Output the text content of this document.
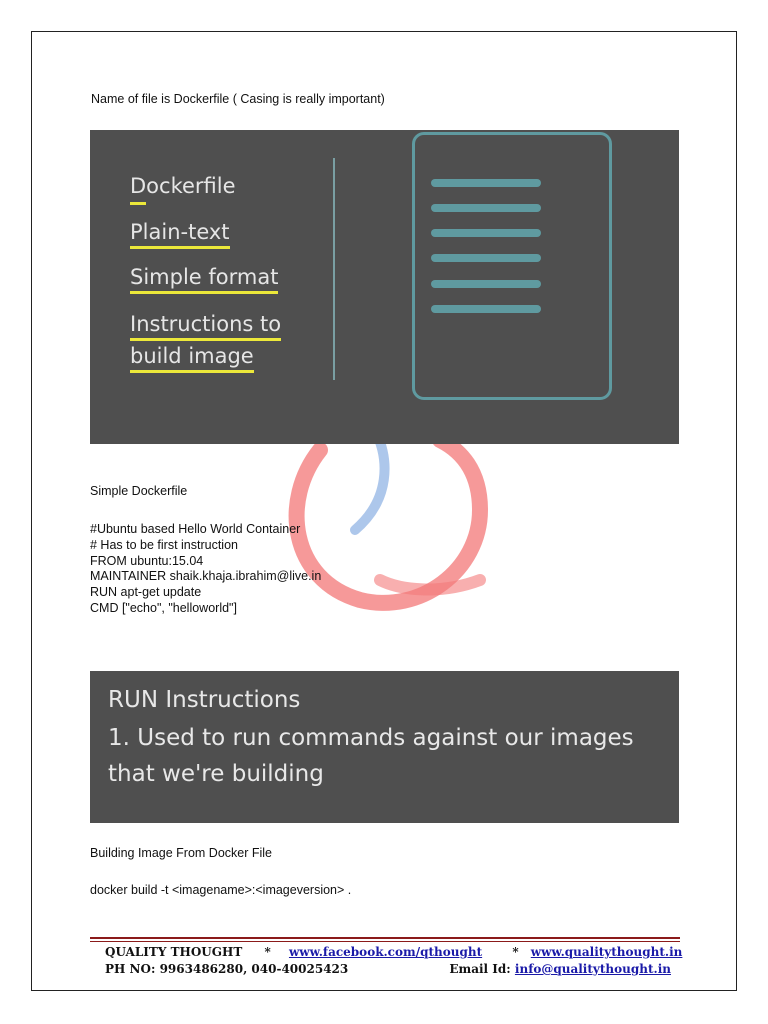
Name of file is Dockerfile ( Casing is really important)
Dockerfile
Plain-text
Simple format
Instructions to
build image
Simple Dockerfile
#Ubuntu based Hello World Container
# Has to be first instruction
FROM ubuntu:15.04
MAINTAINER shaik.khaja.ibrahim@live.in
RUN apt-get update
CMD ["echo", "helloworld"]
RUN Instructions
1. Used to run commands against our images
that we're building
Building Image From Docker File
docker build -t <imagename>:<imageversion> .
QUALITY THOUGHT * www.facebook.com/qthought	* www.qualitythought.in
PH NO: 9963486280, 040-40025423	Email Id: info@qualitythought.in
